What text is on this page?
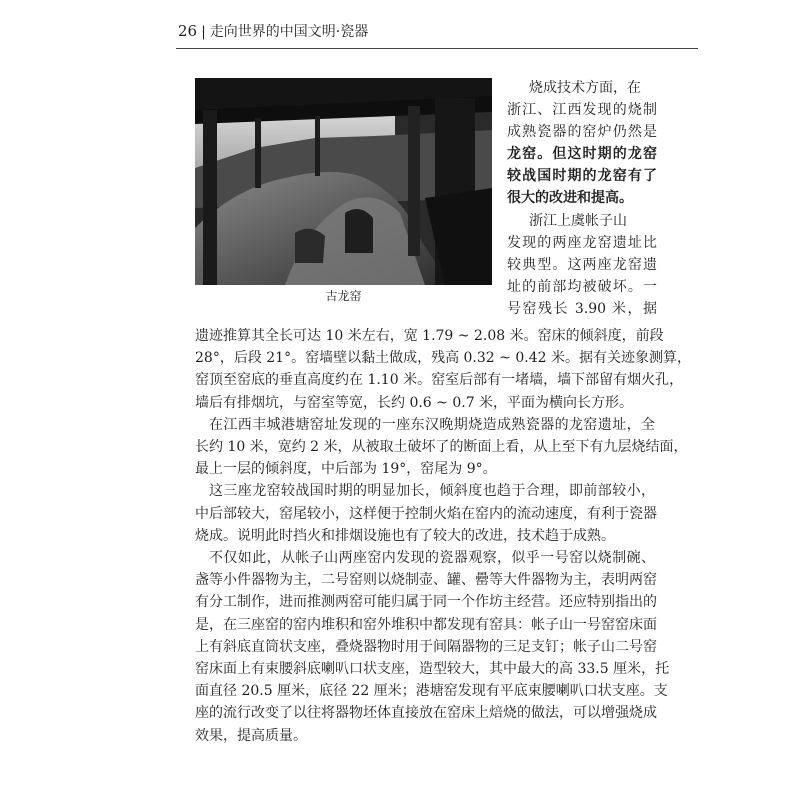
26 | 走向世界的中国文明·瓷器
古龙窑
烧成技术方面，在
浙江、江西发现的烧制
成熟瓷器的窑炉仍然是
龙窑。但这时期的龙窑
较战国时期的龙窑有了
很大的改进和提高。
浙江上虞帐子山
发现的两座龙窑遗址比
较典型。这两座龙窑遗
址的前部均被破坏。一
号窑残长 3.90 米，据
遗迹推算其全长可达 10 米左右，宽 1.79 ~ 2.08 米。窑床的倾斜度，前段
28°，后段 21°。窑墙壁以黏土做成，残高 0.32 ~ 0.42 米。据有关迹象测算，
窑顶至窑底的垂直高度约在 1.10 米。窑室后部有一堵墙，墙下部留有烟火孔，
墙后有排烟坑，与窑室等宽，长约 0.6 ~ 0.7 米，平面为横向长方形。
在江西丰城港塘窑址发现的一座东汉晚期烧造成熟瓷器的龙窑遗址，全
长约 10 米，宽约 2 米，从被取土破坏了的断面上看，从上至下有九层烧结面，
最上一层的倾斜度，中后部为 19°，窑尾为 9°。
这三座龙窑较战国时期的明显加长，倾斜度也趋于合理，即前部较小，
中后部较大，窑尾较小，这样便于控制火焰在窑内的流动速度，有利于瓷器
烧成。说明此时挡火和排烟设施也有了较大的改进，技术趋于成熟。
不仅如此，从帐子山两座窑内发现的瓷器观察，似乎一号窑以烧制碗、
盏等小件器物为主，二号窑则以烧制壶、罐、罍等大件器物为主，表明两窑
有分工制作，进而推测两窑可能归属于同一个作坊主经营。还应特别指出的
是，在三座窑的窑内堆积和窑外堆积中都发现有窑具：帐子山一号窑窑床面
上有斜底直筒状支座，叠烧器物时用于间隔器物的三足支钉；帐子山二号窑
窑床面上有束腰斜底喇叭口状支座，造型较大，其中最大的高 33.5 厘米，托
面直径 20.5 厘米，底径 22 厘米；港塘窑发现有平底束腰喇叭口状支座。支
座的流行改变了以往将器物坯体直接放在窑床上焙烧的做法，可以增强烧成
效果，提高质量。
